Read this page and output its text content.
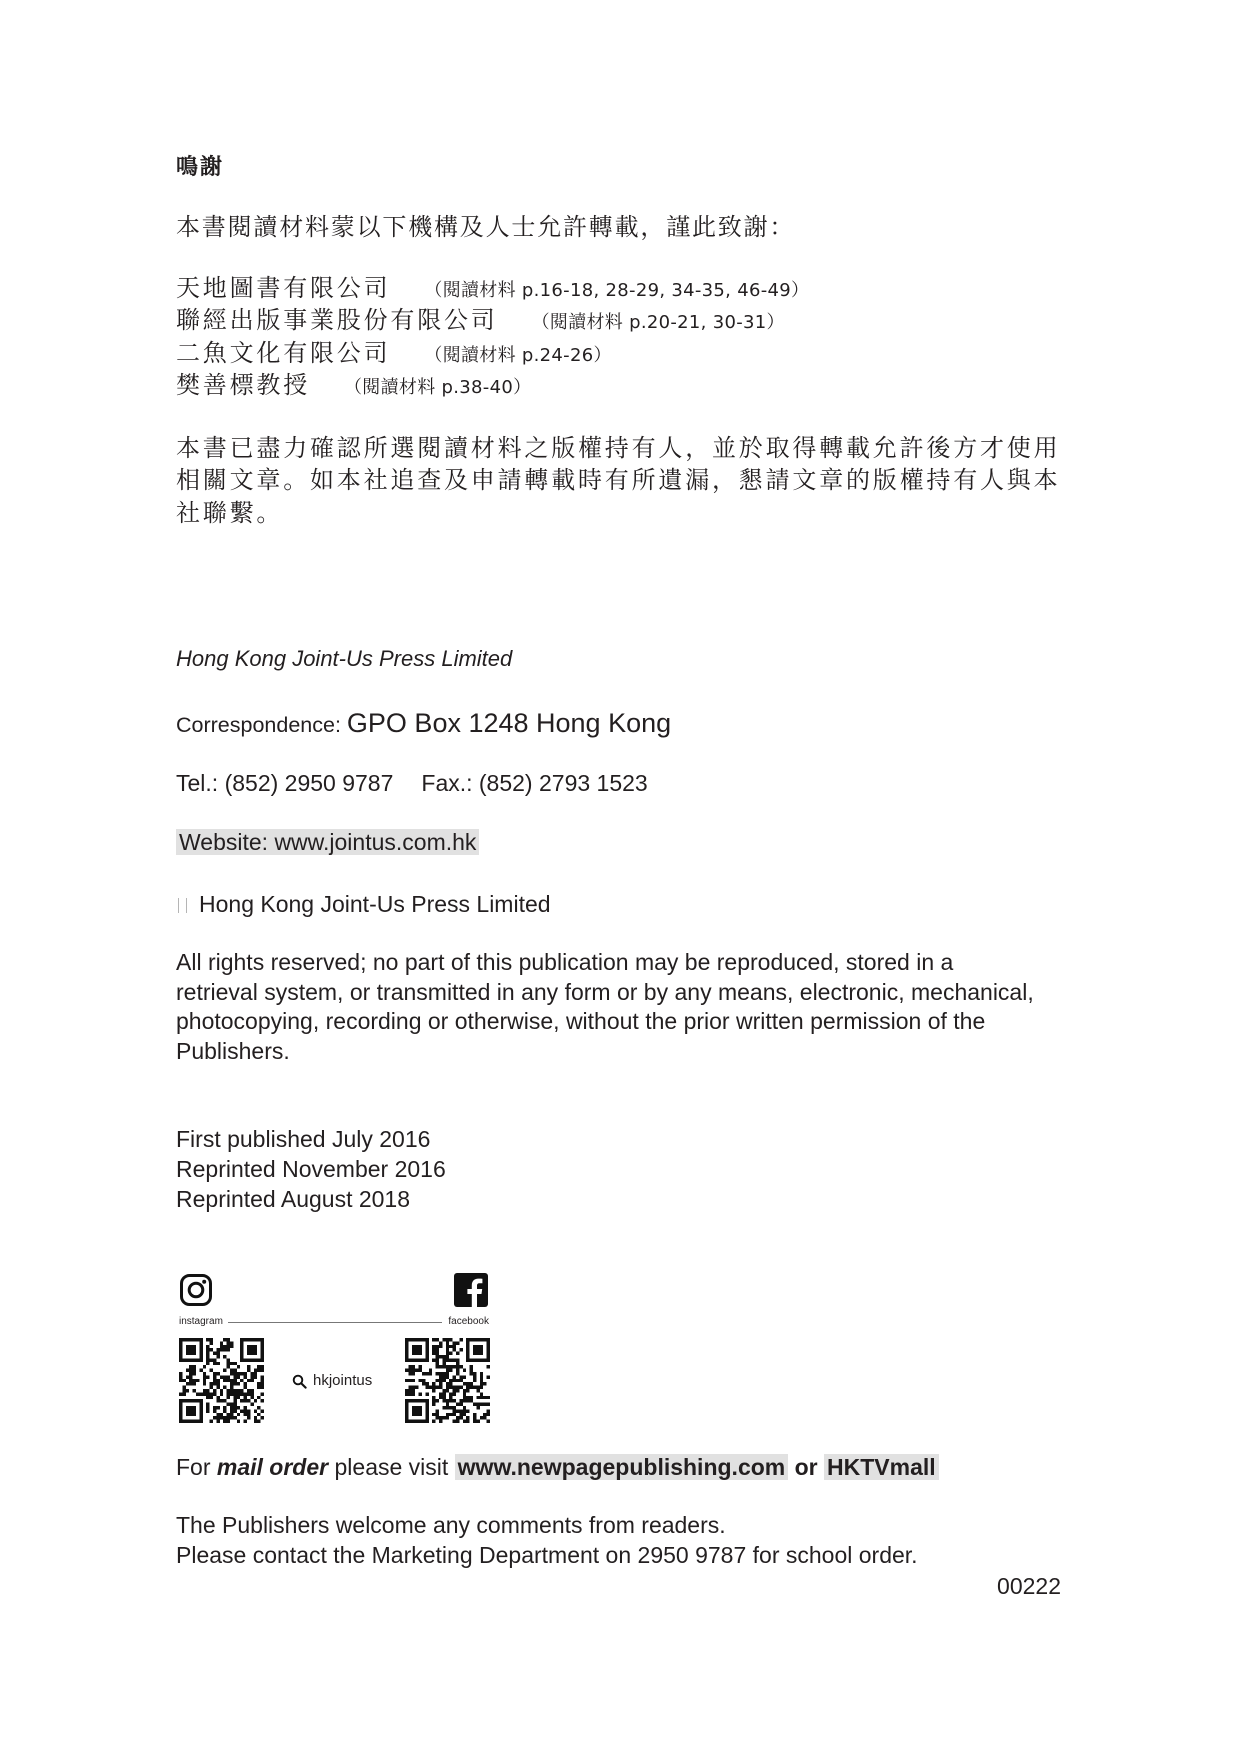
鳴謝
本書閱讀材料蒙以下機構及人士允許轉載，謹此致謝：
天地圖書有限公司 （閱讀材料 p.16-18, 28-29, 34-35, 46-49）
聯經出版事業股份有限公司 （閱讀材料 p.20-21, 30-31）
二魚文化有限公司 （閱讀材料 p.24-26）
樊善標教授 （閱讀材料 p.38-40）
本書已盡力確認所選閱讀材料之版權持有人，並於取得轉載允許後方才使用
相關文章。如本社追查及申請轉載時有所遺漏，懇請文章的版權持有人與本
社聯繫。
Hong Kong Joint-Us Press Limited
Correspondence: GPO Box 1248 Hong Kong
Tel.: (852) 2950 9787 Fax.: (852) 2793 1523
Website: www.jointus.com.hk
Hong Kong Joint-Us Press Limited
All rights reserved; no part of this publication may be reproduced, stored in a
retrieval system, or transmitted in any form or by any means, electronic, mechanical,
photocopying, recording or otherwise, without the prior written permission of the
Publishers.
First published July 2016
Reprinted November 2016
Reprinted August 2018
instagram	facebook
hkjointus
For mail order please visit www.newpagepublishing.com or HKTVmall
The Publishers welcome any comments from readers.
Please contact the Marketing Department on 2950 9787 for school order.
00222
